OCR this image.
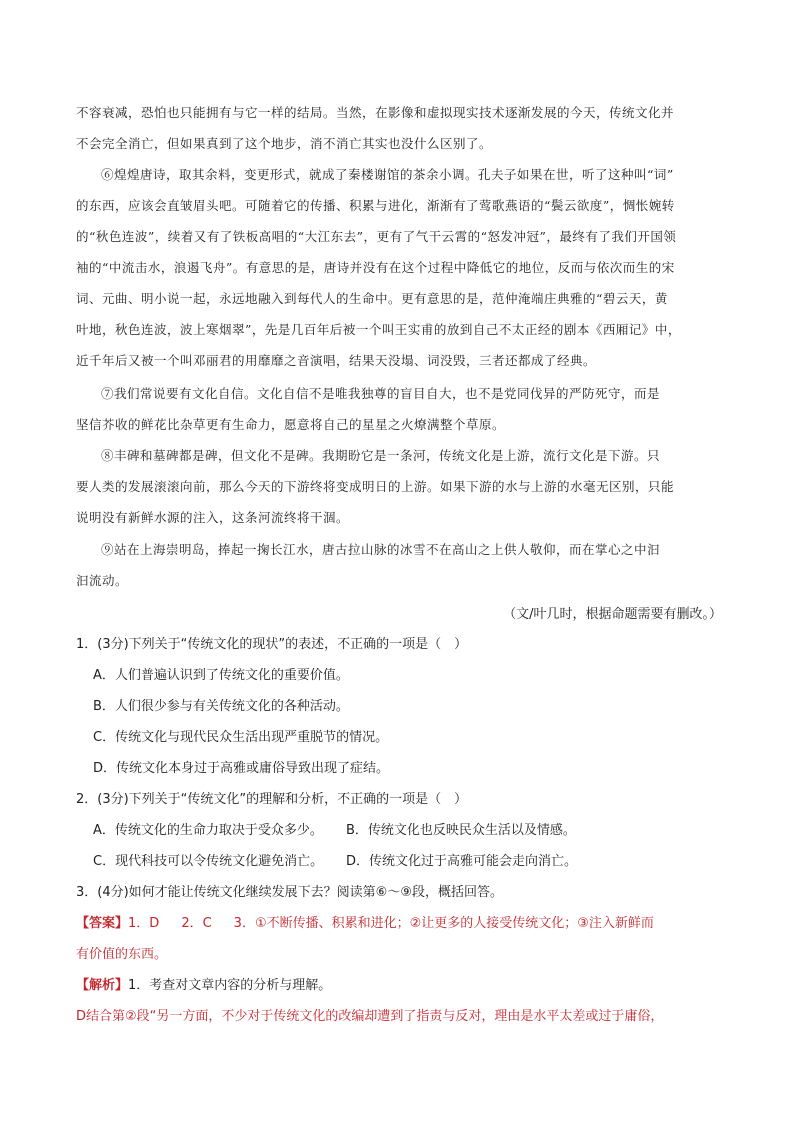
不容衰减，恐怕也只能拥有与它一样的结局。当然，在影像和虚拟现实技术逐渐发展的今天，传统文化并
不会完全消亡，但如果真到了这个地步，消不消亡其实也没什么区别了。
⑥煌煌唐诗，取其余料，变更形式，就成了秦楼谢馆的茶余小调。孔夫子如果在世，听了这种叫“词”
的东西，应该会直皱眉头吧。可随着它的传播、积累与进化，渐渐有了莺歌燕语的“鬓云欲度”，惆怅婉转
的“秋色连波”，续着又有了铁板高唱的“大江东去”，更有了气干云霄的“怒发冲冠”，最终有了我们开国领
袖的“中流击水，浪遏飞舟”。有意思的是，唐诗并没有在这个过程中降低它的地位，反而与依次而生的宋
词、元曲、明小说一起，永远地融入到每代人的生命中。更有意思的是，范仲淹端庄典雅的“碧云天，黄
叶地，秋色连波，波上寒烟翠”，先是几百年后被一个叫王实甫的放到自己不太正经的剧本《西厢记》中，
近千年后又被一个叫邓丽君的用靡靡之音演唱，结果天没塌、词没毁，三者还都成了经典。
⑦我们常说要有文化自信。文化自信不是唯我独尊的盲目自大，也不是党同伐异的严防死守，而是
坚信芥收的鲜花比杂草更有生命力，愿意将自己的星星之火燎满整个草原。
⑧丰碑和墓碑都是碑，但文化不是碑。我期盼它是一条河，传统文化是上游，流行文化是下游。只
要人类的发展滚滚向前，那么今天的下游终将变成明日的上游。如果下游的水与上游的水毫无区别，只能
说明没有新鲜水源的注入，这条河流终将干涸。
⑨站在上海崇明岛，捧起一掬长江水，唐古拉山脉的冰雪不在高山之上供人敬仰，而在掌心之中汩
汩流动。
（文/叶几时，根据命题需要有删改。）
1．(3分)下列关于“传统文化的现状”的表述，不正确的一项是（　）
A．人们普遍认识到了传统文化的重要价值。
B．人们很少参与有关传统文化的各种活动。
C．传统文化与现代民众生活出现严重脱节的情况。
D．传统文化本身过于高雅或庸俗导致出现了症结。
2．(3分)下列关于“传统文化”的理解和分析，不正确的一项是（　）
A．传统文化的生命力取决于受众多少。	B．传统文化也反映民众生活以及情感。
C．现代科技可以令传统文化避免消亡。	D．传统文化过于高雅可能会走向消亡。
3．(4分)如何才能让传统文化继续发展下去？阅读第⑥～⑨段，概括回答。
【答案】1．D 2．C 3．①不断传播、积累和进化；②让更多的人接受传统文化；③注入新鲜而
有价值的东西。
【解析】1．考查对文章内容的分析与理解。
D结合第②段“另一方面，不少对于传统文化的改编却遭到了指责与反对，理由是水平太差或过于庸俗，
